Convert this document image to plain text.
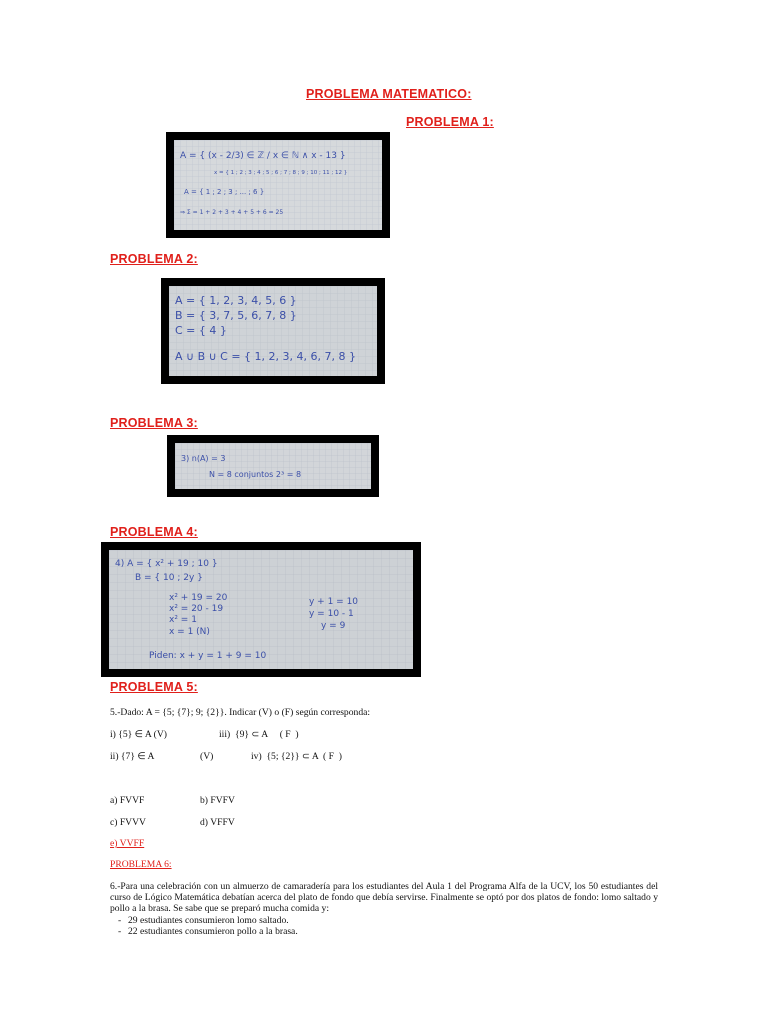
PROBLEMA MATEMATICO:
PROBLEMA 1:
A = { (x - 2/3) ∈ ℤ / x ∈ ℕ ∧ x - 13 }
x = { 1 ; 2 ; 3 ; 4 ; 5 ; 6 ; 7 ; 8 ; 9 ; 10 ; 11 ; 12 }
A = { 1 ; 2 ; 3 ; ... ; 6 }
⇒ Σ = 1 + 2 + 3 + 4 + 5 + 6 = 25
PROBLEMA 2:
A = { 1, 2, 3, 4, 5, 6 }
B = { 3, 7, 5, 6, 7, 8 }
C = { 4 }
A ∪ B ∪ C = { 1, 2, 3, 4, 6, 7, 8 }
PROBLEMA 3:
3) n(A) = 3
N = 8 conjuntos 2³ = 8
PROBLEMA 4:
4) A = { x² + 19 ; 10 }
B = { 10 ; 2y }
x² + 19 = 20
x² = 20 - 19
x² = 1
x = 1 (N)
y + 1 = 10
y = 10 - 1
y = 9
Piden: x + y = 1 + 9 = 10
PROBLEMA 5:
5.-Dado: A = {5; {7}; 9; {2}}. Indicar (V) o (F) según corresponda:
i) {5} ∈ A (V)	iii)  {9} ⊂ A     ( F  )
ii) {7} ∈ A	(V)	iv)  {5; {2}} ⊂ A  ( F  )
a) FVVF	b) FVFV
c) FVVV	d) VFFV
e) VVFF
PROBLEMA 6:
6.-Para una celebración con un almuerzo de camaradería para los estudiantes del Aula 1 del Programa Alfa de la UCV, los 50 estudiantes del curso de Lógico Matemática debatían acerca del plato de fondo que debía servirse. Finalmente se optó por dos platos de fondo: lomo saltado y pollo a la brasa. Se sabe que se preparó mucha comida y:
- 29 estudiantes consumieron lomo saltado.
- 22 estudiantes consumieron pollo a la brasa.
